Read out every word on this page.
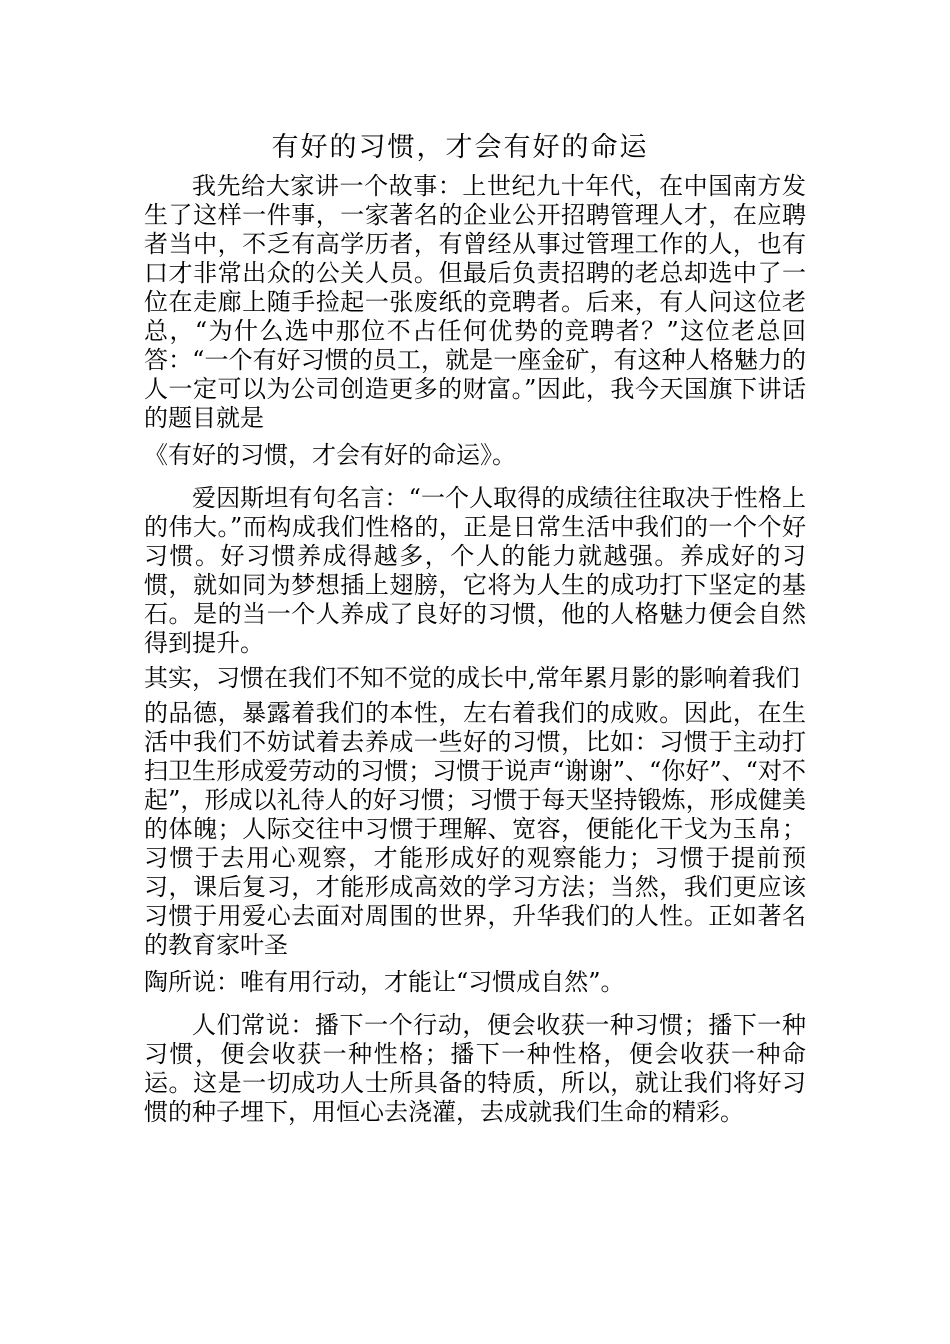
有好的习惯，才会有好的命运

我先给大家讲一个故事：上世纪九十年代，在中国南方发生了这样一件事，一家著名的企业公开招聘管理人才，在应聘者当中，不乏有高学历者，有曾经从事过管理工作的人，也有口才非常出众的公关人员。但最后负责招聘的老总却选中了一位在走廊上随手捡起一张废纸的竞聘者。后来，有人问这位老总，“为什么选中那位不占任何优势的竞聘者？”这位老总回答：“一个有好习惯的员工，就是一座金矿，有这种人格魅力的人一定可以为公司创造更多的财富。”因此，我今天国旗下讲话的题目就是

《有好的习惯，才会有好的命运》。

爱因斯坦有句名言：“一个人取得的成绩往往取决于性格上的伟大。”而构成我们性格的，正是日常生活中我们的一个个好习惯。好习惯养成得越多，个人的能力就越强。养成好的习惯，就如同为梦想插上翅膀，它将为人生的成功打下坚定的基石。是的当一个人养成了良好的习惯，他的人格魅力便会自然得到提升。

其实，习惯在我们不知不觉的成长中,常年累月影的影响着我们

的品德，暴露着我们的本性，左右着我们的成败。因此，在生活中我们不妨试着去养成一些好的习惯，比如：习惯于主动打扫卫生形成爱劳动的习惯；习惯于说声“谢谢”、“你好”、“对不起”，形成以礼待人的好习惯；习惯于每天坚持锻炼，形成健美的体魄；人际交往中习惯于理解、宽容，便能化干戈为玉帛；习惯于去用心观察，才能形成好的观察能力；习惯于提前预习，课后复习，才能形成高效的学习方法；当然，我们更应该习惯于用爱心去面对周围的世界，升华我们的人性。正如著名的教育家叶圣

陶所说：唯有用行动，才能让“习惯成自然”。

人们常说：播下一个行动，便会收获一种习惯；播下一种习惯，便会收获一种性格；播下一种性格，便会收获一种命运。这是一切成功人士所具备的特质，所以，就让我们将好习惯的种子埋下，用恒心去浇灌，去成就我们生命的精彩。
